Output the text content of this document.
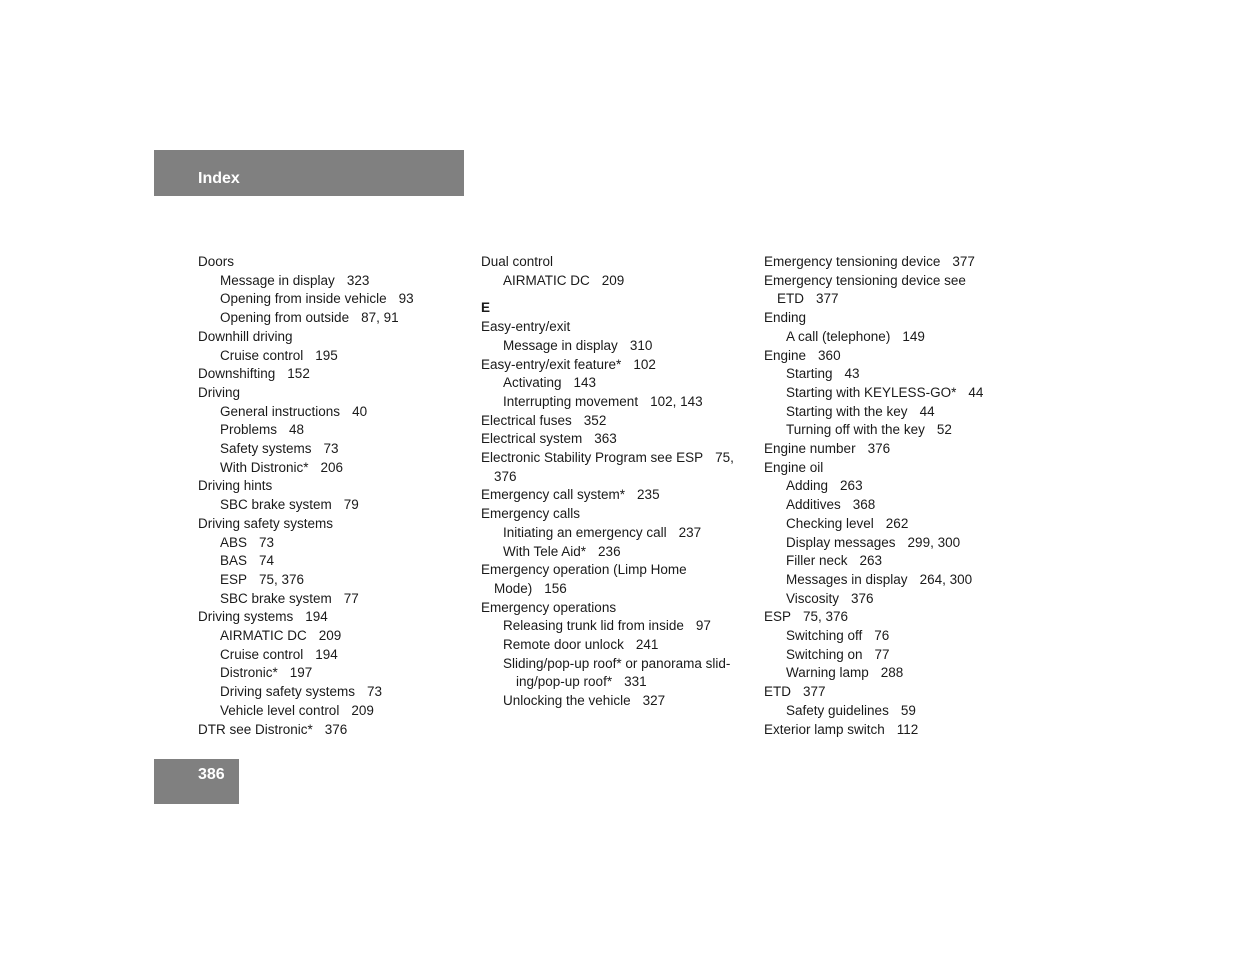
Index
Doors
Message in display 323
Opening from inside vehicle 93
Opening from outside 87, 91
Downhill driving
Cruise control 195
Downshifting 152
Driving
General instructions 40
Problems 48
Safety systems 73
With Distronic* 206
Driving hints
SBC brake system 79
Driving safety systems
ABS 73
BAS 74
ESP 75, 376
SBC brake system 77
Driving systems 194
AIRMATIC DC 209
Cruise control 194
Distronic* 197
Driving safety systems 73
Vehicle level control 209
DTR see Distronic* 376
Dual control
AIRMATIC DC 209
E
Easy-entry/exit
Message in display 310
Easy-entry/exit feature* 102
Activating 143
Interrupting movement 102, 143
Electrical fuses 352
Electrical system 363
Electronic Stability Program see ESP 75,
376
Emergency call system* 235
Emergency calls
Initiating an emergency call 237
With Tele Aid* 236
Emergency operation (Limp Home
Mode) 156
Emergency operations
Releasing trunk lid from inside 97
Remote door unlock 241
Sliding/pop-up roof* or panorama slid-
ing/pop-up roof* 331
Unlocking the vehicle 327
Emergency tensioning device 377
Emergency tensioning device see
ETD 377
Ending
A call (telephone) 149
Engine 360
Starting 43
Starting with KEYLESS-GO* 44
Starting with the key 44
Turning off with the key 52
Engine number 376
Engine oil
Adding 263
Additives 368
Checking level 262
Display messages 299, 300
Filler neck 263
Messages in display 264, 300
Viscosity 376
ESP 75, 376
Switching off 76
Switching on 77
Warning lamp 288
ETD 377
Safety guidelines 59
Exterior lamp switch 112
386
